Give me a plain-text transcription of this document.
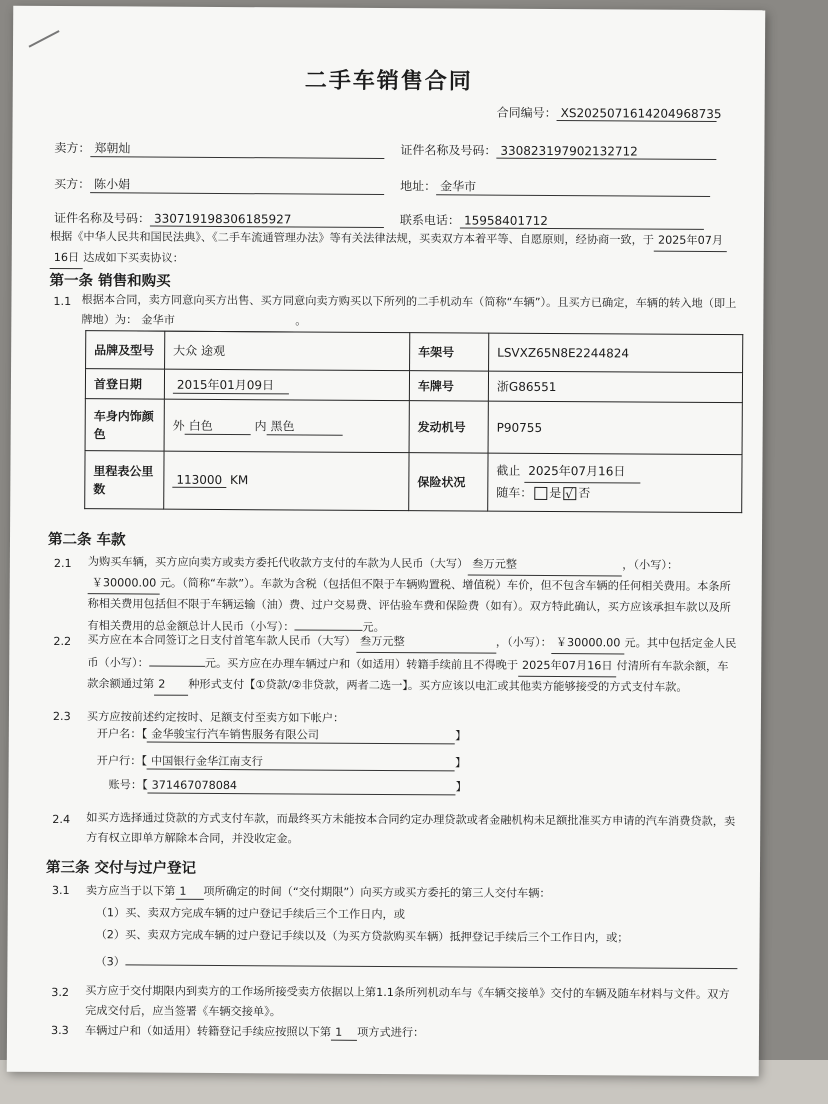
二手车销售合同
合同编号： XS2025071614204968735
卖方： 郑朝灿	证件名称及号码： 330823197902132712
买方： 陈小娟	地址： 金华市
证件名称及号码： 330719198306185927	联系电话： 15958401712
根据《中华人民共和国民法典》、《二手车流通管理办法》等有关法律法规，买卖双方本着平等、自愿原则，经协商一致，于 2025年07月
16日 达成如下买卖协议：
第一条 销售和购买
1.1 根据本合同，卖方同意向买方出售、买方同意向卖方购买以下所列的二手机动车（简称“车辆”）。且买方已确定，车辆的转入地（即上牌地）为： 金华市	。
品牌及型号	大众 途观	车架号	LSVXZ65N8E2244824
首登日期	2015年01月09日	车牌号	浙G86551
车身内饰颜色	外 白色 内 黑色	发动机号	P90755
里程表公里数	113000 KM	保险状况	截止 2025年07月16日
随车： 是 √ 否
第二条 车款
2.1 为购买车辆，买方应向卖方或卖方委托代收款方支付的车款为人民币（大写） 叁万元整	，（小写）：￥30000.00 元。（简称“车款”）。车款为含税（包括但不限于车辆购置税、增值税）车价，但不包含车辆的任何相关费用。本条所称相关费用包括但不限于车辆运输（油）费、过户交易费、评估验车费和保险费（如有）。双方特此确认，买方应该承担车款以及所有相关费用的总金额总计人民币（小写）：	元。
2.2 买方应在本合同签订之日支付首笔车款人民币（大写） 叁万元整	，（小写）： ￥30000.00 元。其中包括定金人民币（小写）：	元。买方应在办理车辆过户和（如适用）转籍手续前且不得晚于 2025年07月16日 付清所有车款余额，车款余额通过第 2 种形式支付【①贷款/②非贷款，两者二选一】。买方应该以电汇或其他卖方能够接受的方式支付车款。
2.3 买方应按前述约定按时、足额支付至卖方如下帐户：
开户名：【 金华骏宝行汽车销售服务有限公司	】
开户行：【 中国银行金华江南支行	】
账号：【 371467078084	】
2.4 如买方选择通过贷款的方式支付车款，而最终买方未能按本合同约定办理贷款或者金融机构未足额批准买方申请的汽车消费贷款，卖方有权立即单方解除本合同，并没收定金。
第三条 交付与过户登记
3.1 卖方应当于以下第 1 项所确定的时间（“交付期限”）向买方或买方委托的第三人交付车辆：
（1）买、卖双方完成车辆的过户登记手续后三个工作日内，或
（2）买、卖双方完成车辆的过户登记手续以及（为买方贷款购买车辆）抵押登记手续后三个工作日内，或；
（3）
3.2 买方应于交付期限内到卖方的工作场所接受卖方依据以上第1.1条所列机动车与《车辆交接单》交付的车辆及随车材料与文件。双方完成交付后，应当签署《车辆交接单》。
3.3 车辆过户和（如适用）转籍登记手续应按照以下第 1 项方式进行：
